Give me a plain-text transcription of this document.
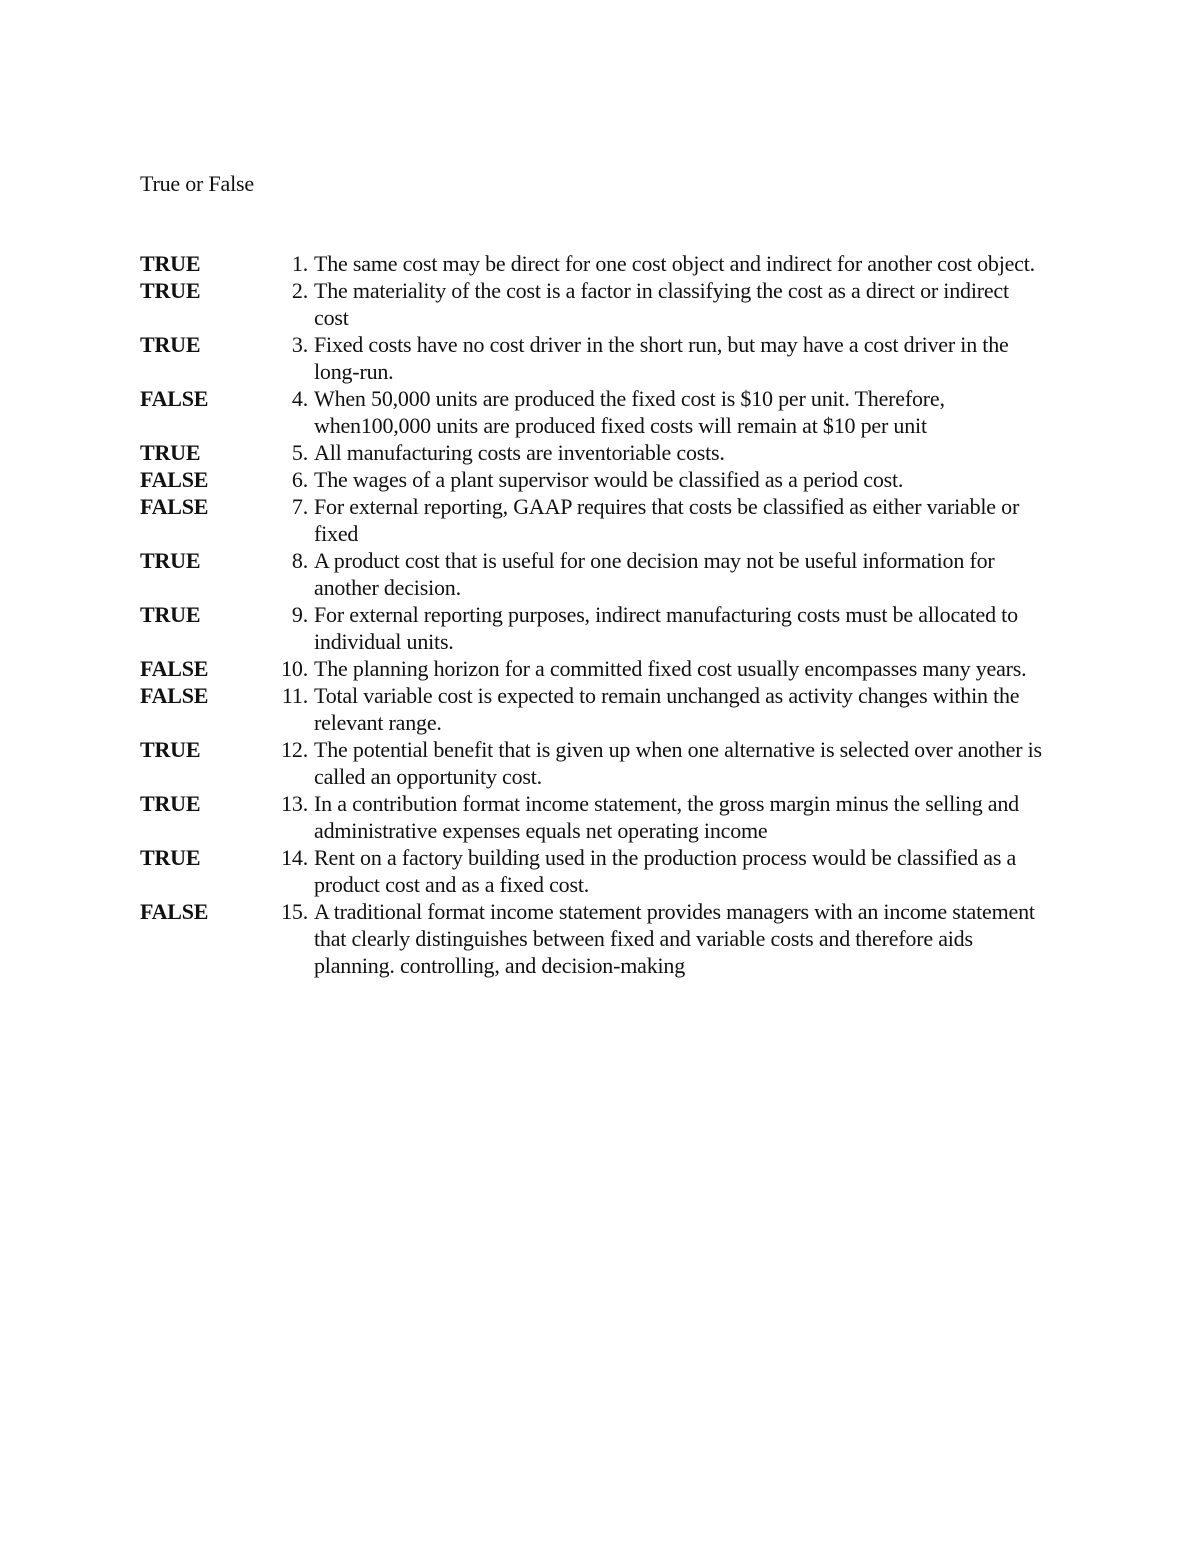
True or False
TRUE	1. The same cost may be direct for one cost object and indirect for another cost object.
TRUE	2. The materiality of the cost is a factor in classifying the cost as a direct or indirect cost
TRUE	3. Fixed costs have no cost driver in the short run, but may have a cost driver in the long-run.
FALSE	4. When 50,000 units are produced the fixed cost is $10 per unit. Therefore, when100,000 units are produced fixed costs will remain at $10 per unit
TRUE	5. All manufacturing costs are inventoriable costs.
FALSE	6. The wages of a plant supervisor would be classified as a period cost.
FALSE	7. For external reporting, GAAP requires that costs be classified as either variable or fixed
TRUE	8. A product cost that is useful for one decision may not be useful information for another decision.
TRUE	9. For external reporting purposes, indirect manufacturing costs must be allocated to individual units.
FALSE	10. The planning horizon for a committed fixed cost usually encompasses many years.
FALSE	11. Total variable cost is expected to remain unchanged as activity changes within the relevant range.
TRUE	12. The potential benefit that is given up when one alternative is selected over another is called an opportunity cost.
TRUE	13. In a contribution format income statement, the gross margin minus the selling and administrative expenses equals net operating income
TRUE	14. Rent on a factory building used in the production process would be classified as a product cost and as a fixed cost.
FALSE	15. A traditional format income statement provides managers with an income statement that clearly distinguishes between fixed and variable costs and therefore aids planning. controlling, and decision-making
